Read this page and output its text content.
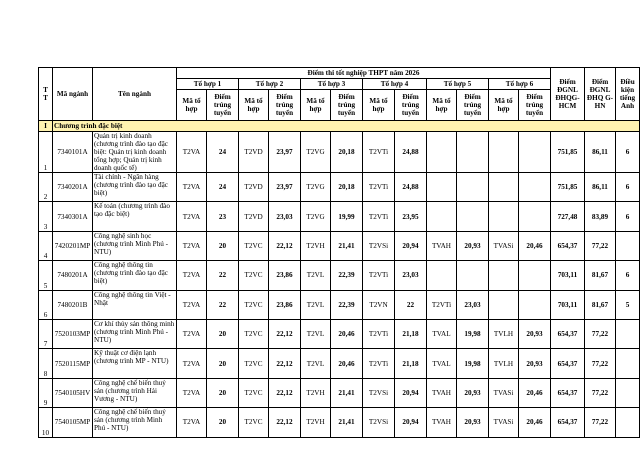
T
T	Mã ngành	Tên ngành	Điểm thi tốt nghiệp THPT năm 2026												Điểm ĐGNL ĐHQG-HCM	Điểm ĐGNL ĐHQ G-HN	Điều kiện tiếng Anh
			Tổ hợp 1		Tổ hợp 2		Tổ hợp 3		Tổ hợp 4		Tổ hợp 5		Tổ hợp 6				
			Mã tổ hợp	Điểm trúng tuyển	Mã tổ hợp	Điểm trúng tuyển	Mã tổ hợp	Điểm trúng tuyển	Mã tổ hợp	Điểm trúng tuyển	Mã tổ hợp	Điểm trúng tuyển	Mã tổ hợp	Điểm trúng tuyển			
I	Chương trình đặc biệt																
1	7340101A	Quản trị kinh doanh (chương trình đào tạo đặc biệt: Quản trị kinh doanh tổng hợp; Quản trị kinh doanh quốc tế)	T2VA	24	T2VD	23,97	T2VG	20,18	T2VTi	24,88					751,85	86,11	6
2	7340201A	Tài chính - Ngân hàng (chương trình đào tạo đặc biệt)	T2VA	24	T2VD	23,97	T2VG	20,18	T2VTi	24,88					751,85	86,11	6
3	7340301A	Kế toán (chương trình đào tạo đặc biệt)	T2VA	23	T2VD	23,03	T2VG	19,99	T2VTi	23,95					727,48	83,89	6
4	7420201MP	Công nghệ sinh học (chương trình Minh Phú - NTU)	T2VA	20	T2VC	22,12	T2VH	21,41	T2VSi	20,94	TVAH	20,93	TVASi	20,46	654,37	77,22	
5	7480201A	Công nghệ thông tin (chương trình đào tạo đặc biệt)	T2VA	22	T2VC	23,86	T2VL	22,39	T2VTi	23,03					703,11	81,67	6
6	7480201B	Công nghệ thông tin Việt - Nhật	T2VA	22	T2VC	23,86	T2VL	22,39	T2VN	22	T2VTi	23,03			703,11	81,67	5
7	7520103MP	Cơ khí thủy sản thông minh (chương trình Minh Phú - NTU)	T2VA	20	T2VC	22,12	T2VL	20,46	T2VTi	21,18	TVAL	19,98	TVLH	20,93	654,37	77,22	
8	7520115MP	Kỹ thuật cơ điện lạnh (chương trình MP - NTU)	T2VA	20	T2VC	22,12	T2VL	20,46	T2VTi	21,18	TVAL	19,98	TVLH	20,93	654,37	77,22	
9	7540105HV	Công nghệ chế biến thuỷ sản (chương trình Hải Vương - NTU)	T2VA	20	T2VC	22,12	T2VH	21,41	T2VSi	20,94	TVAH	20,93	TVASi	20,46	654,37	77,22	
10	7540105MP	Công nghệ chế biến thuỷ sản (chương trình Minh Phú - NTU)	T2VA	20	T2VC	22,12	T2VH	21,41	T2VSi	20,94	TVAH	20,93	TVASi	20,46	654,37	77,22	
